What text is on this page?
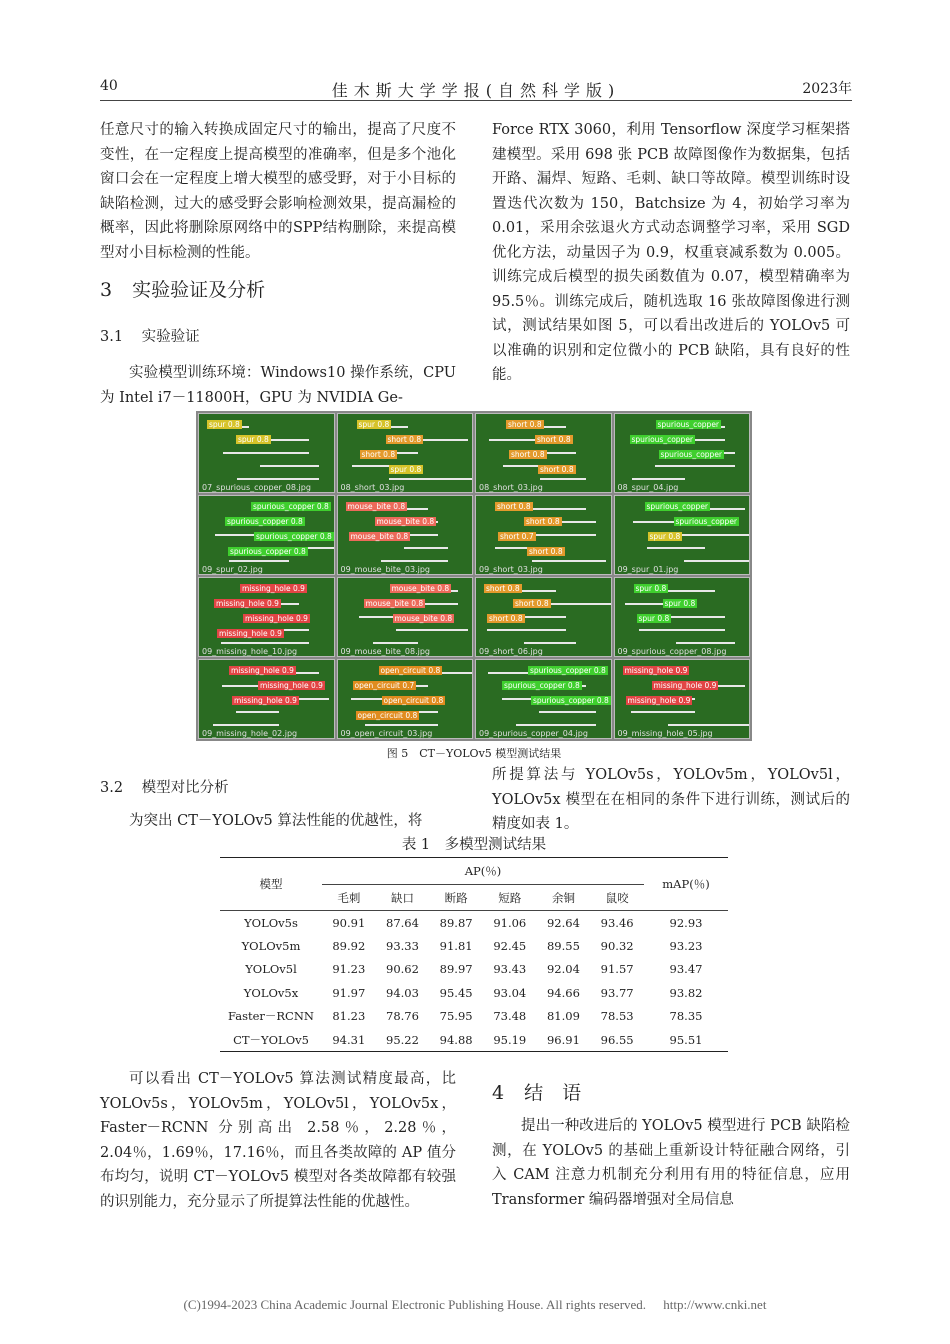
40	佳木斯大学学报(自然科学版)	2023年
任意尺寸的输入转换成固定尺寸的输出，提高了尺度不变性，在一定程度上提高模型的准确率，但是多个池化窗口会在一定程度上增大模型的感受野，对于小目标的缺陷检测，过大的感受野会影响检测效果，提高漏检的概率，因此将删除原网络中的SPP结构删除，来提高模型对小目标检测的性能。
3 实验验证及分析
3.1 实验验证
实验模型训练环境：Windows10 操作系统，CPU 为 Intel i7－11800H，GPU 为 NVIDIA Ge-
Force RTX 3060，利用 Tensorflow 深度学习框架搭建模型。采用 698 张 PCB 故障图像作为数据集，包括开路、漏焊、短路、毛刺、缺口等故障。模型训练时设置迭代次数为 150，Batchsize 为 4，初始学习率为 0.01，采用余弦退火方式动态调整学习率，采用 SGD 优化方法，动量因子为 0.9，权重衰减系数为 0.005。训练完成后模型的损失函数值为 0.07，模型精确率为 95.5％。训练完成后，随机选取 16 张故障图像进行测试，测试结果如图 5，可以看出改进后的 YOLOv5 可以准确的识别和定位微小的 PCB 缺陷，具有良好的性能。
spur 0.8
spur 0.8
07_spurious_copper_08.jpg
spur 0.8
short 0.8
short 0.8
spur 0.8
08_short_03.jpg
short 0.8
short 0.8
short 0.8
short 0.8
08_short_03.jpg
spurious_copper
spurious_copper
spurious_copper
08_spur_04.jpg
spurious_copper 0.8
spurious_copper 0.8
spurious_copper 0.8
spurious_copper 0.8
09_spur_02.jpg
mouse_bite 0.8
mouse_bite 0.8
mouse_bite 0.8
09_mouse_bite_03.jpg
short 0.8
short 0.8
short 0.7
short 0.8
09_short_03.jpg
spurious_copper
spurious_copper
spur 0.8
09_spur_01.jpg
missing_hole 0.9
missing_hole 0.9
missing_hole 0.9
missing_hole 0.9
09_missing_hole_10.jpg
mouse_bite 0.8
mouse_bite 0.8
mouse_bite 0.8
09_mouse_bite_08.jpg
short 0.8
short 0.8
short 0.8
09_short_06.jpg
spur 0.8
spur 0.8
spur 0.8
09_spurious_copper_08.jpg
missing_hole 0.9
missing_hole 0.9
missing_hole 0.9
09_missing_hole_02.jpg
open_circuit 0.8
open_circuit 0.7
open_circuit 0.8
open_circuit 0.8
09_open_circuit_03.jpg
spurious_copper 0.8
spurious_copper 0.8
spurious_copper 0.8
09_spurious_copper_04.jpg
missing_hole 0.9
missing_hole 0.9
missing_hole 0.9
09_missing_hole_05.jpg
图 5　CT－YOLOv5 模型测试结果
3.2 模型对比分析
为突出 CT－YOLOv5 算法性能的优越性，将
所提算法与 YOLOv5s，YOLOv5m，YOLOv5l，YOLOv5x 模型在在相同的条件下进行训练，测试后的精度如表 1。
表 1　多模型测试结果
模型	AP(％)						mAP(％)
	毛刺	缺口	断路	短路	余铜	鼠咬	
YOLOv5s	90.91	87.64	89.87	91.06	92.64	93.46	92.93
YOLOv5m	89.92	93.33	91.81	92.45	89.55	90.32	93.23
YOLOv5l	91.23	90.62	89.97	93.43	92.04	91.57	93.47
YOLOv5x	91.97	94.03	95.45	93.04	94.66	93.77	93.82
Faster－RCNN	81.23	78.76	75.95	73.48	81.09	78.53	78.35
CT－YOLOv5	94.31	95.22	94.88	95.19	96.91	96.55	95.51
可以看出 CT－YOLOv5 算法测试精度最高，比 YOLOv5s，YOLOv5m，YOLOv5l，YOLOv5x，Faster－RCNN 分别高出 2.58％，2.28％，2.04％，1.69％，17.16％，而且各类故障的 AP 值分布均匀，说明 CT－YOLOv5 模型对各类故障都有较强的识别能力，充分显示了所提算法性能的优越性。
4 结　语
提出一种改进后的 YOLOv5 模型进行 PCB 缺陷检测，在 YOLOv5 的基础上重新设计特征融合网络，引入 CAM 注意力机制充分利用有用的特征信息，应用 Transformer 编码器增强对全局信息
(C)1994-2023 China Academic Journal Electronic Publishing House. All rights reserved. http://www.cnki.net
